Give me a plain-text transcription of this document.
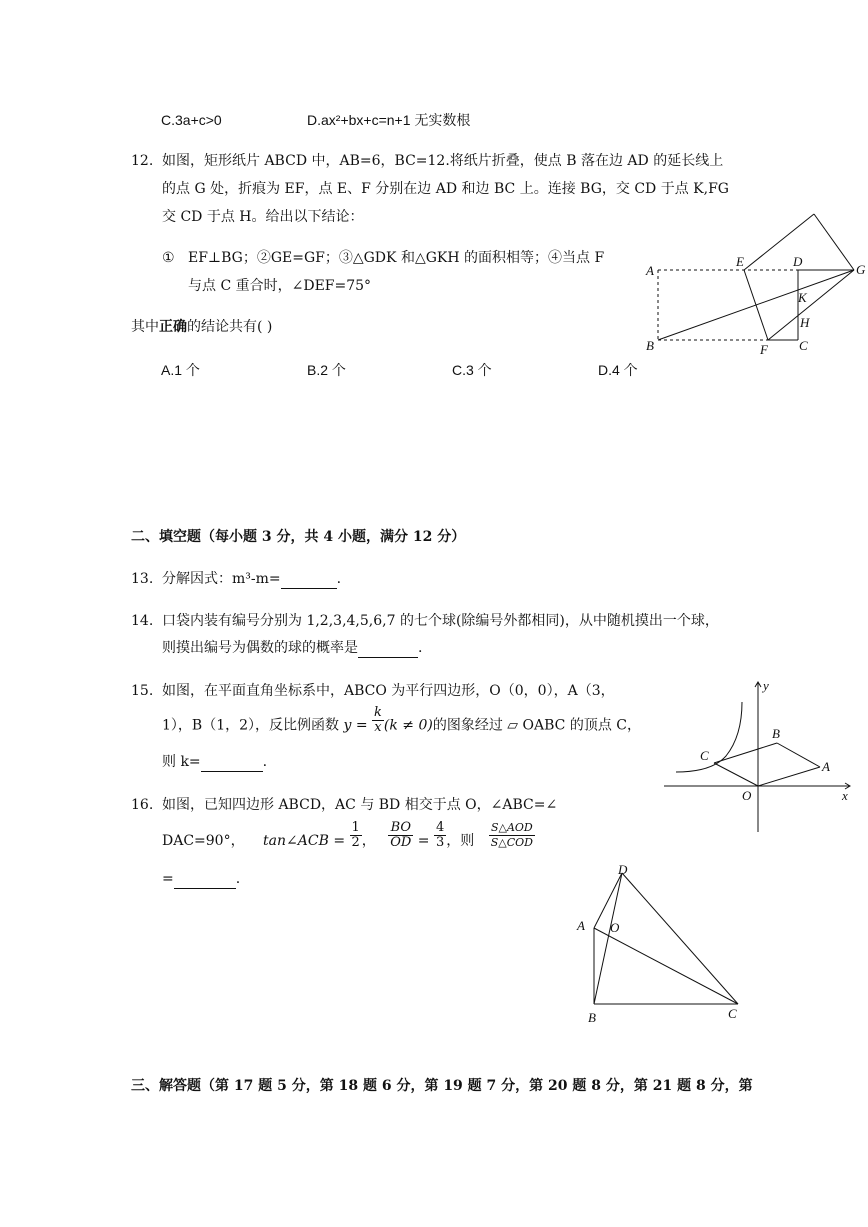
C.3a+c>0	D.ax²+bx+c=n+1 无实数根
12. 如图，矩形纸片 ABCD 中，AB=6，BC=12.将纸片折叠，使点 B 落在边 AD 的延长线上
的点 G 处，折痕为 EF，点 E、F 分别在边 AD 和边 BC 上。连接 BG，交 CD 于点 K,FG
交 CD 于点 H。给出以下结论：
① EF⊥BG；②GE=GF；③△GDK 和△GKH 的面积相等；④当点 F
与点 C 重合时，∠DEF=75°
其中正确的结论共有( )
A.1 个	B.2 个	C.3 个	D.4 个
A
E	D
G
K
H
B	F C
二、填空题（每小题 3 分，共 4 小题，满分 12 分）
13. 分解因式：m³-m=	.
14. 口袋内装有编号分别为 1,2,3,4,5,6,7 的七个球(除编号外都相同)，从中随机摸出一个球，
则摸出编号为偶数的球的概率是	.
15. 如图，在平面直角坐标系中，ABCO 为平行四边形，O（0，0），A（3，
1），B（1，2），反比例函数 $y = \frac{k}{x} (k \ne 0)$的图象经过 ▱ OABC 的顶点 C，
则 k=	.
y
x
B
C
A
O
16. 如图，已知四边形 ABCD，AC 与 BD 相交于点 O，∠ABC=∠
DAC=90°， tan∠ACB = $\frac{1}{2}$ ， $\frac{BO}{OD} = \frac{4}{3}$ ，则 $\frac{\text{S△AOD}}{\text{S△COD}}$
=	.
D
A O
B	C
三、解答题（第 17 题 5 分，第 18 题 6 分，第 19 题 7 分，第 20 题 8 分，第 21 题 8 分，第
